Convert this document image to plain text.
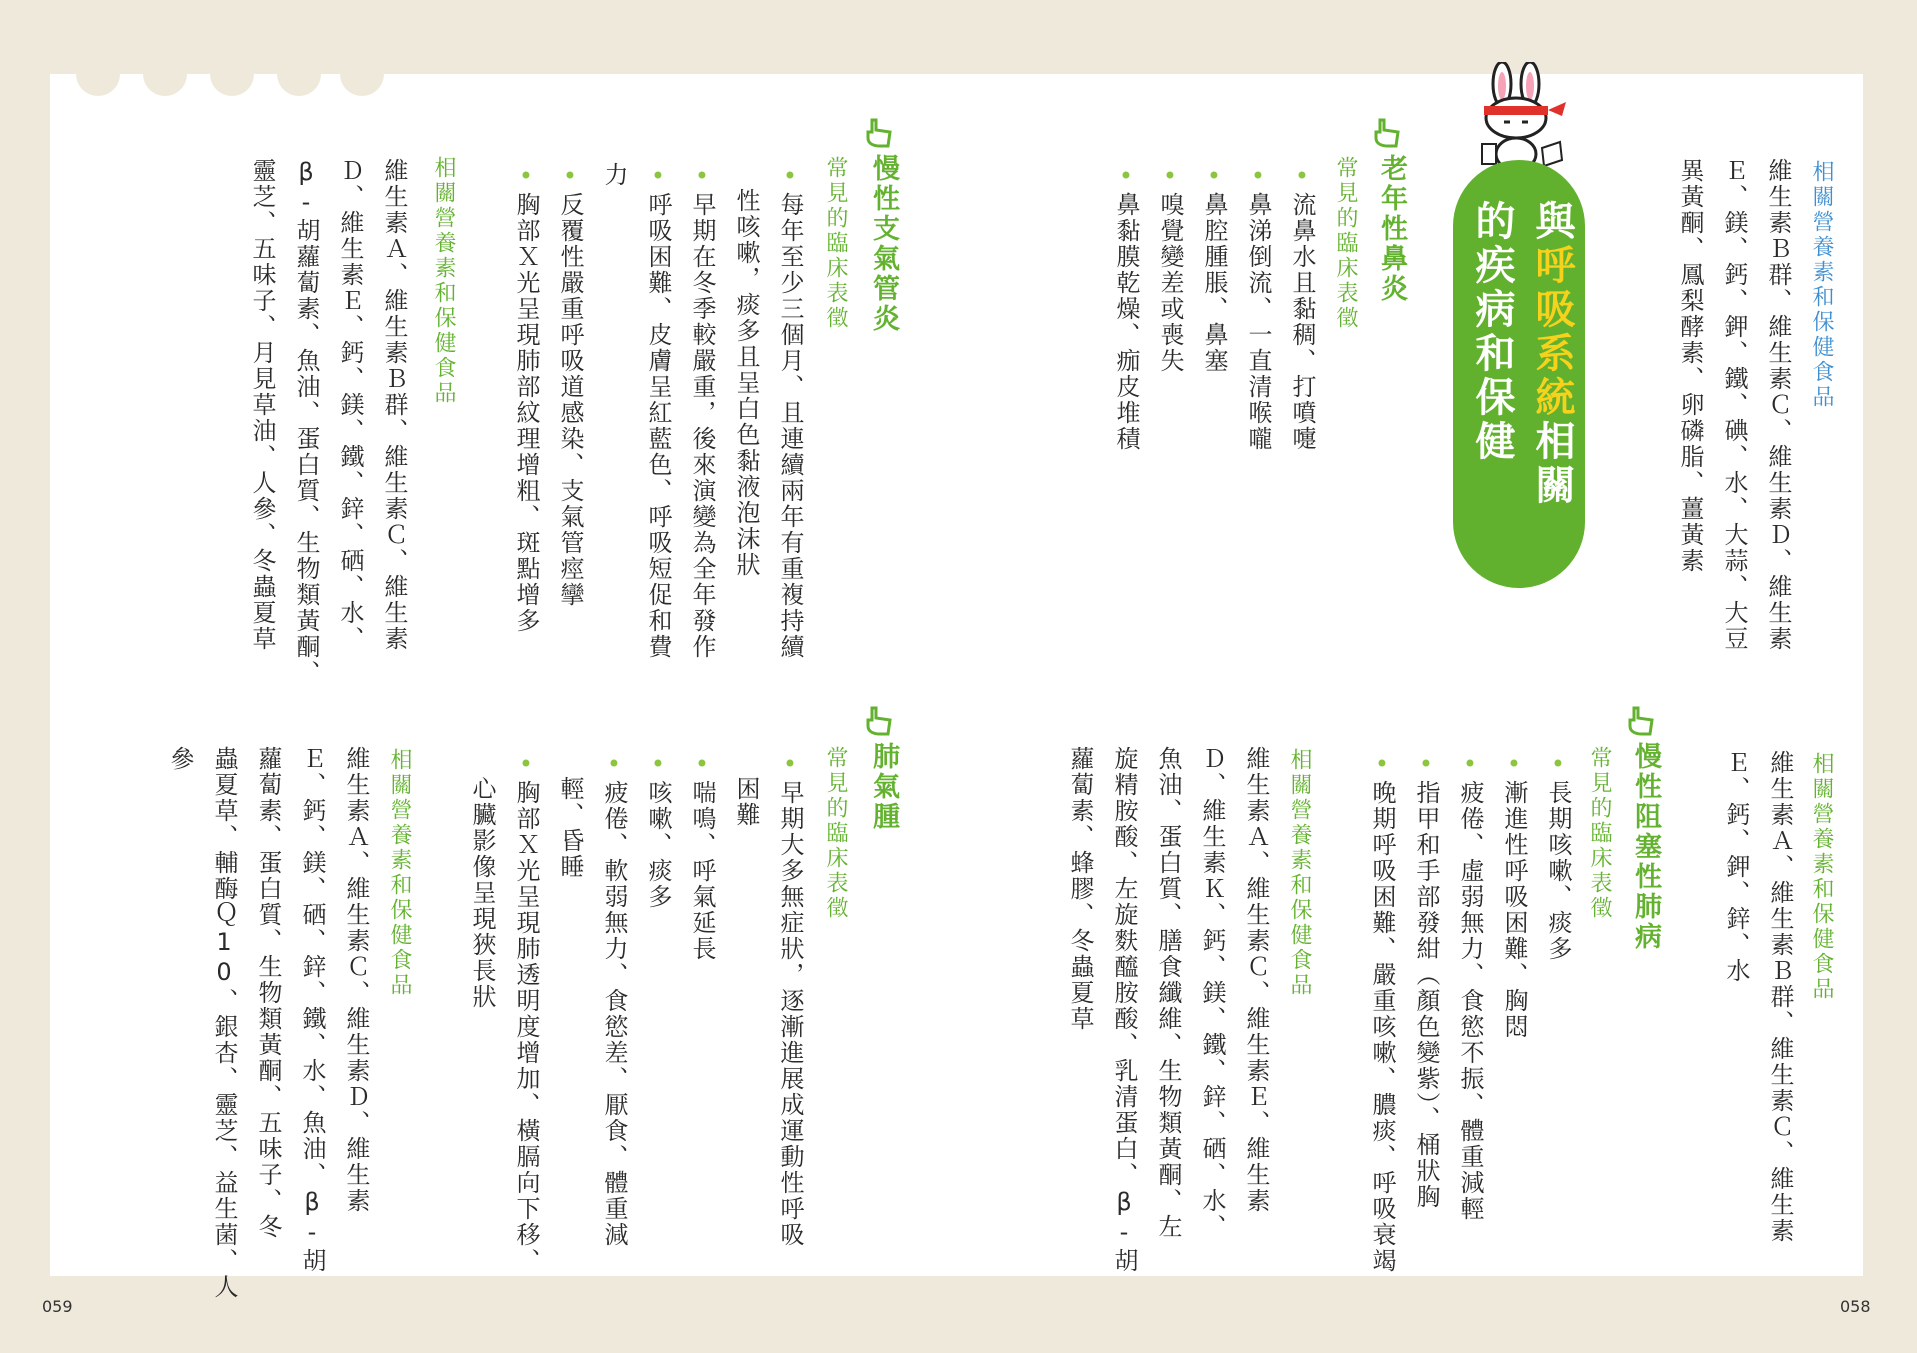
與呼吸系統相關
的疾病和保健	相關營養素和保健食品
維生素Ｂ群、維生素Ｃ、維生素Ｄ、維生素
Ｅ、鎂、鈣、鉀、鐵、碘、水、大蒜、大豆
異黃酮、鳳梨酵素、卵磷脂、薑黃素
老年性鼻炎
常見的臨床表徵
•流鼻水且黏稠、打噴嚏
•鼻涕倒流、一直清喉嚨
•鼻腔腫脹、鼻塞
•嗅覺變差或喪失
•鼻黏膜乾燥、痂皮堆積
慢性支氣管炎
常見的臨床表徵
•每年至少三個月、且連續兩年有重複持續
　性咳嗽，痰多且呈白色黏液泡沫狀
•早期在冬季較嚴重，後來演變為全年發作
•呼吸困難、皮膚呈紅藍色、呼吸短促和費
力
•反覆性嚴重呼吸道感染、支氣管痙攣
•胸部Ｘ光呈現肺部紋理增粗、斑點增多
相關營養素和保健食品
維生素Ａ、維生素Ｂ群、維生素Ｃ、維生素
Ｄ、維生素Ｅ、鈣、鎂、鐵、鋅、硒、水、
β-胡蘿蔔素、魚油、蛋白質、生物類黃酮、
靈芝、五味子、月見草油、人參、冬蟲夏草
相關營養素和保健食品
維生素Ａ、維生素Ｂ群、維生素Ｃ、維生素
Ｅ、鈣、鉀、鋅、水
慢性阻塞性肺病
常見的臨床表徵
•長期咳嗽、痰多
•漸進性呼吸困難、胸悶
•疲倦、虛弱無力、食慾不振、體重減輕
•指甲和手部發紺（顏色變紫）、桶狀胸
•晚期呼吸困難、嚴重咳嗽、膿痰、呼吸衰竭
相關營養素和保健食品
維生素Ａ、維生素Ｃ、維生素Ｅ、維生素
Ｄ、維生素Ｋ、鈣、鎂、鐵、鋅、硒、水、
魚油、蛋白質、膳食纖維、生物類黃酮、左
旋精胺酸、左旋麩醯胺酸、乳清蛋白、β-胡
蘿蔔素、蜂膠、冬蟲夏草
肺氣腫
常見的臨床表徵
•早期大多無症狀，逐漸進展成運動性呼吸
　困難
•喘鳴、呼氣延長
•咳嗽、痰多
•疲倦、軟弱無力、食慾差、厭食、體重減
　輕、昏睡
•胸部Ｘ光呈現肺透明度增加、橫膈向下移、
　心臟影像呈現狹長狀
相關營養素和保健食品
維生素Ａ、維生素Ｃ、維生素Ｄ、維生素
Ｅ、鈣、鎂、硒、鋅、鐵、水、魚油、β-胡
蘿蔔素、蛋白質、生物類黃酮、五味子、冬
蟲夏草、輔酶Ｑ10、銀杏、靈芝、益生菌、人
參
059	058
